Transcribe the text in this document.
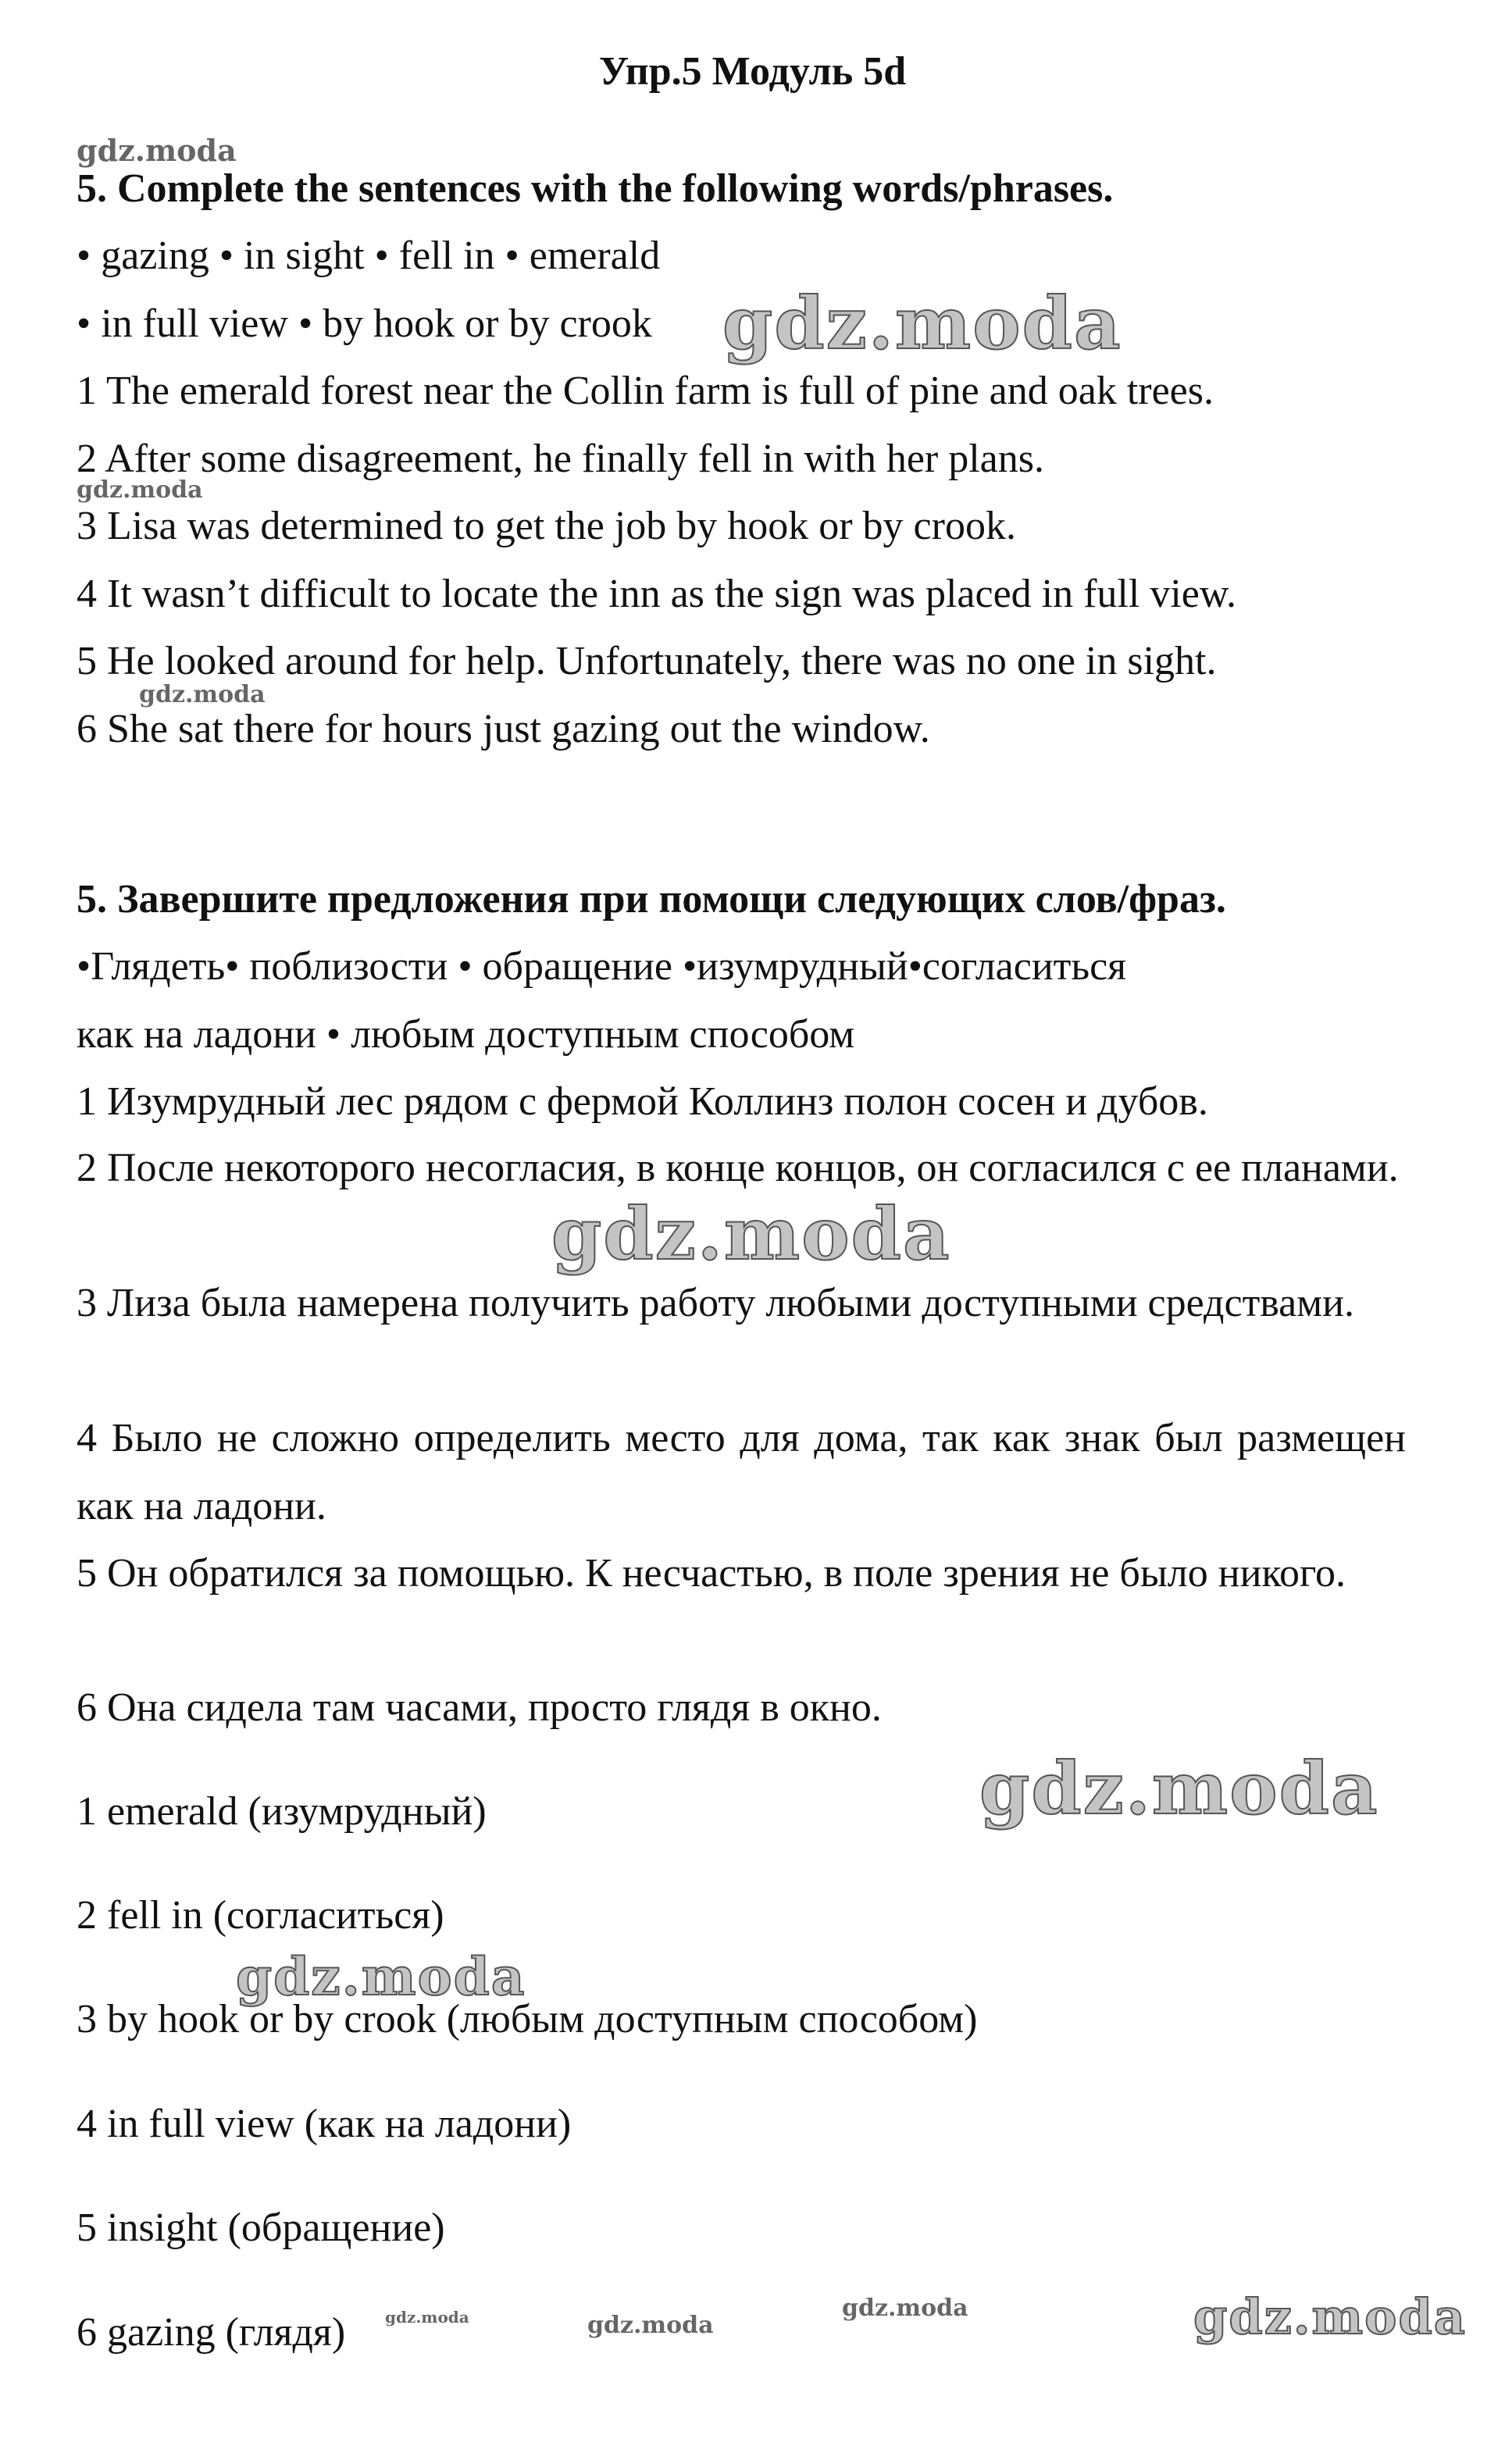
Упр.5 Модуль 5d
5. Complete the sentences with the following words/phrases.
• gazing • in sight • fell in • emerald
• in full view • by hook or by crook
1 The emerald forest near the Collin farm is full of pine and oak trees.
2 After some disagreement, he finally fell in with her plans.
3 Lisa was determined to get the job by hook or by crook.
4 It wasn’t difficult to locate the inn as the sign was placed in full view.
5 He looked around for help. Unfortunately, there was no one in sight.
6 She sat there for hours just gazing out the window.
5. Завершите предложения при помощи следующих слов/фраз.
•Глядеть• поблизости • обращение •изумрудный•согласиться
как на ладони • любым доступным способом
1 Изумрудный лес рядом с фермой Коллинз полон сосен и дубов.
2 После некоторого несогласия, в конце концов, он согласился с ее планами.
3 Лиза была намерена получить работу любыми доступными средствами.
4 Было не сложно определить место для дома, так как знак был размещен как на ладони.
5 Он обратился за помощью. К несчастью, в поле зрения не было никого.
6 Она сидела там часами, просто глядя в окно.
1 emerald (изумрудный)
2 fell in (согласиться)
3 by hook or by crook (любым доступным способом)
4 in full view (как на ладони)
5 insight (обращение)
6 gazing (глядя)
gdz.moda
gdz.moda
gdz.moda
gdz.moda
gdz.moda
gdz.moda
gdz.moda
gdz.moda	gdz.moda
gdz.moda	gdz.moda
